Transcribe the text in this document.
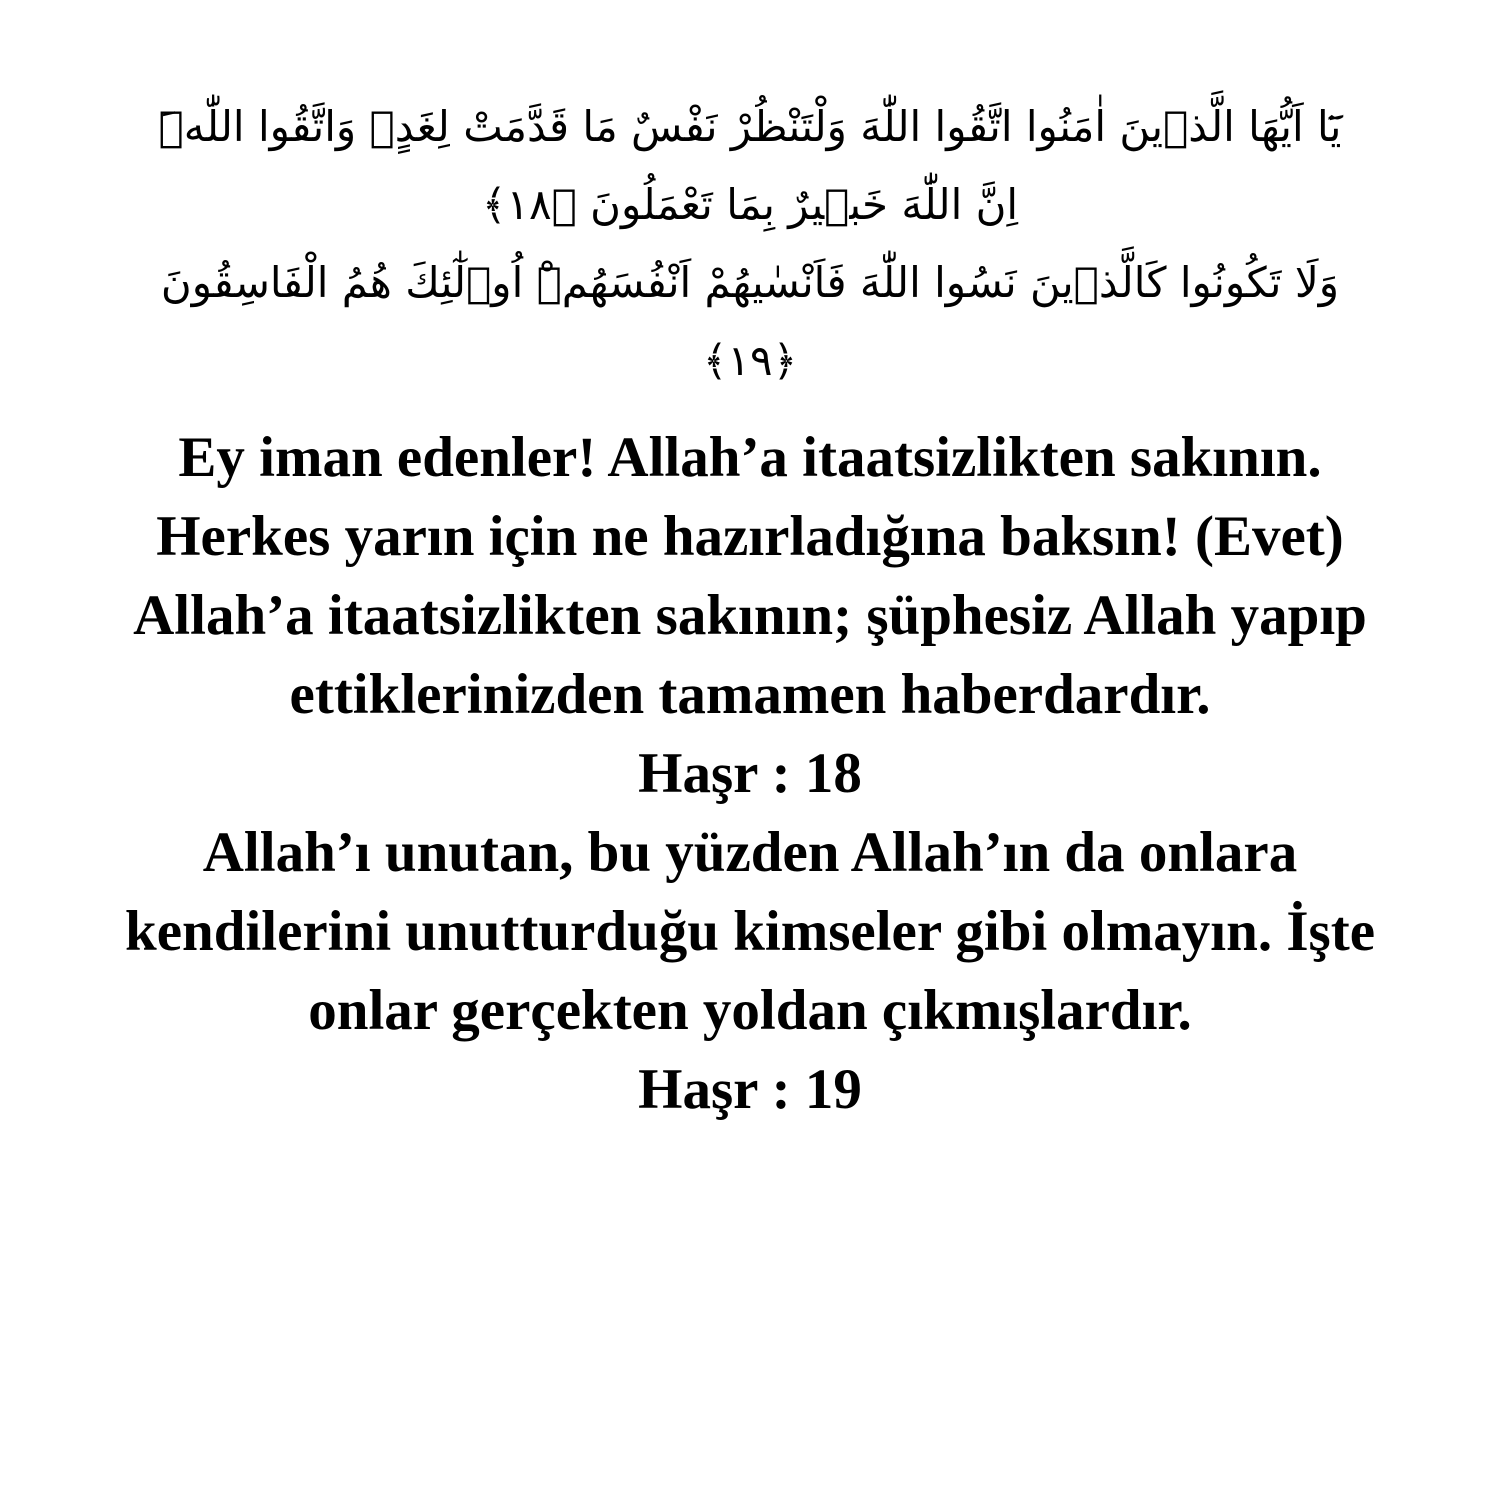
يَٓا اَيُّهَا الَّذ۪ينَ اٰمَنُوا اتَّقُوا اللّٰهَ وَلْتَنْظُرْ نَفْسٌ مَا قَدَّمَتْ لِغَدٍۚ وَاتَّقُوا اللّٰهَۜ
اِنَّ اللّٰهَ خَب۪يرٌ بِمَا تَعْمَلُونَ ﴿١٨﴾
وَلَا تَكُونُوا كَالَّذ۪ينَ نَسُوا اللّٰهَ فَاَنْسٰيهُمْ اَنْفُسَهُمْۜ اُو۬لٰٓئِكَ هُمُ الْفَاسِقُونَ
﴿١٩﴾
Ey iman edenler! Allah’a itaatsizlikten sakının.
Herkes yarın için ne hazırladığına baksın! (Evet)
Allah’a itaatsizlikten sakının; şüphesiz Allah yapıp
ettiklerinizden tamamen haberdardır.
Haşr : 18
Allah’ı unutan, bu yüzden Allah’ın da onlara
kendilerini unutturduğu kimseler gibi olmayın. İşte
onlar gerçekten yoldan çıkmışlardır.
Haşr : 19
